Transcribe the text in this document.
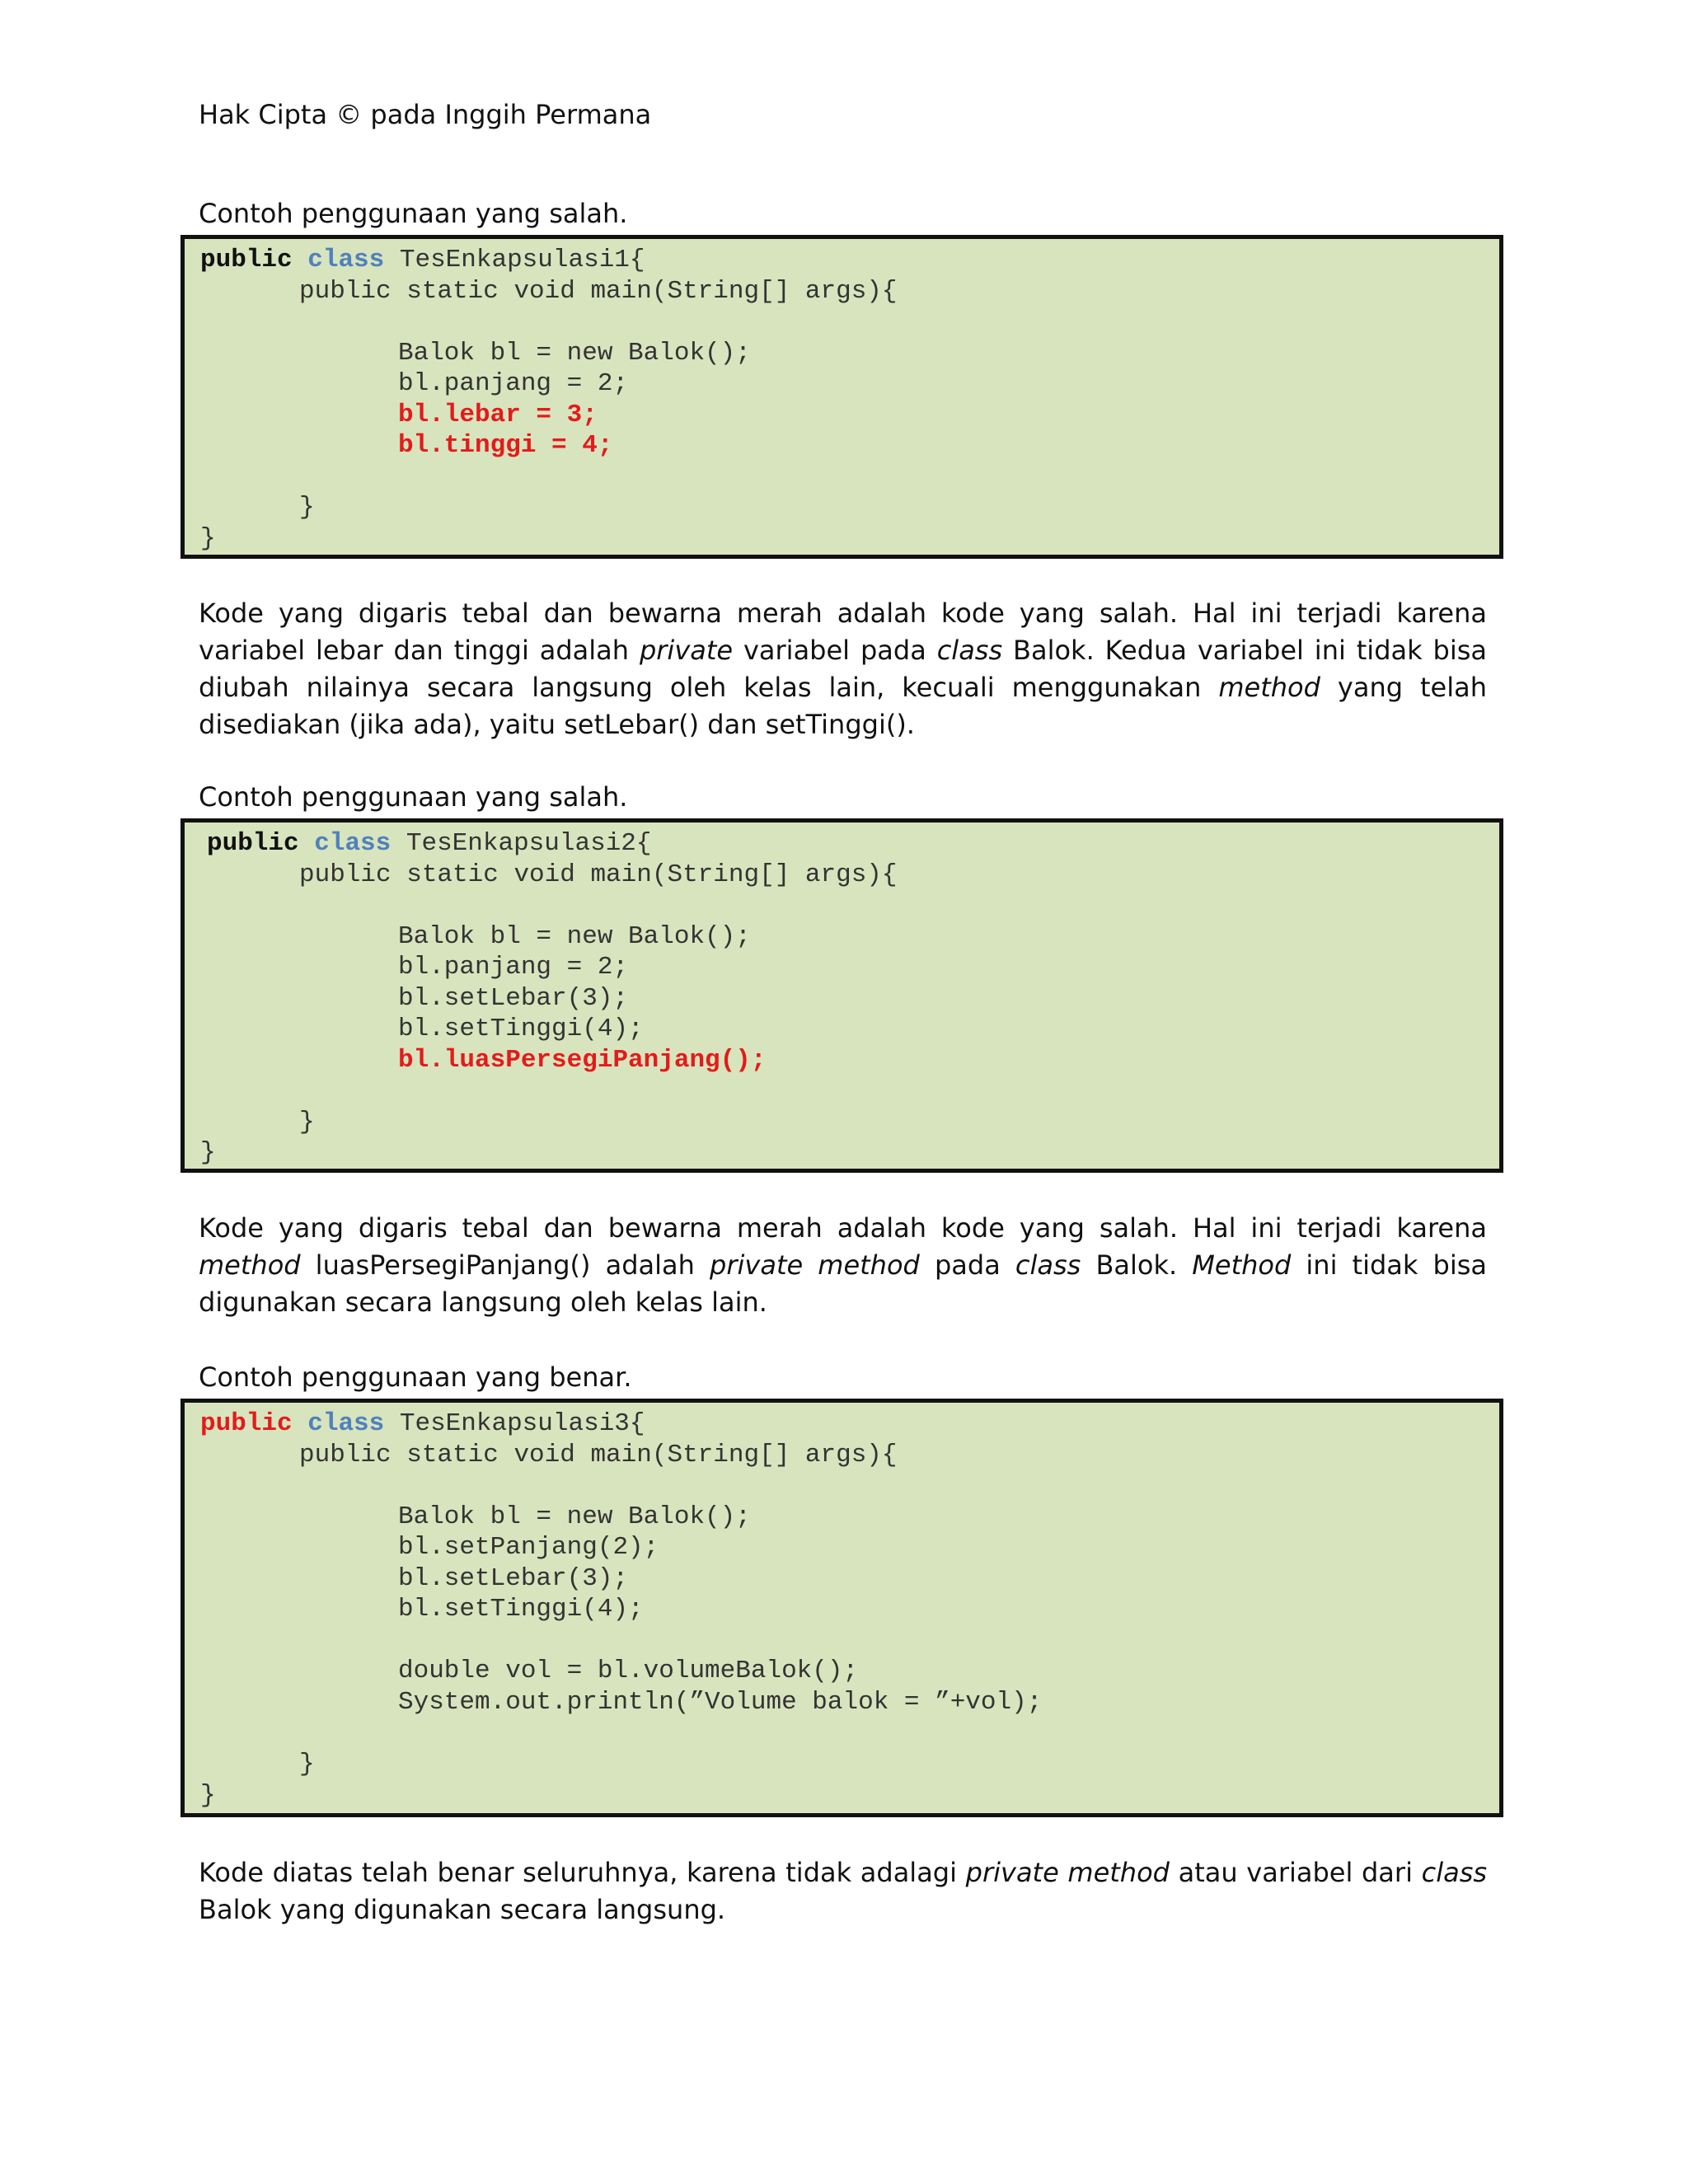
Hak Cipta © pada Inggih Permana
Contoh penggunaan yang salah.
public class TesEnkapsulasi1{
public static void main(String[] args){
Balok bl = new Balok();
bl.panjang = 2;
bl.lebar = 3;
bl.tinggi = 4;
}
}
Kode yang digaris tebal dan bewarna merah adalah kode yang salah. Hal ini terjadi karena variabel lebar dan tinggi adalah private variabel pada class Balok. Kedua variabel ini tidak bisa diubah nilainya secara langsung oleh kelas lain, kecuali menggunakan method yang telah disediakan (jika ada), yaitu setLebar() dan setTinggi().
Contoh penggunaan yang salah.
public class TesEnkapsulasi2{
public static void main(String[] args){
Balok bl = new Balok();
bl.panjang = 2;
bl.setLebar(3);
bl.setTinggi(4);
bl.luasPersegiPanjang();
}
}
Kode yang digaris tebal dan bewarna merah adalah kode yang salah. Hal ini terjadi karena method luasPersegiPanjang() adalah private method pada class Balok. Method ini tidak bisa digunakan secara langsung oleh kelas lain.
Contoh penggunaan yang benar.
public class TesEnkapsulasi3{
public static void main(String[] args){
Balok bl = new Balok();
bl.setPanjang(2);
bl.setLebar(3);
bl.setTinggi(4);
double vol = bl.volumeBalok();
System.out.println(”Volume balok = ”+vol);
}
}
Kode diatas telah benar seluruhnya, karena tidak adalagi private method atau variabel dari class Balok yang digunakan secara langsung.
